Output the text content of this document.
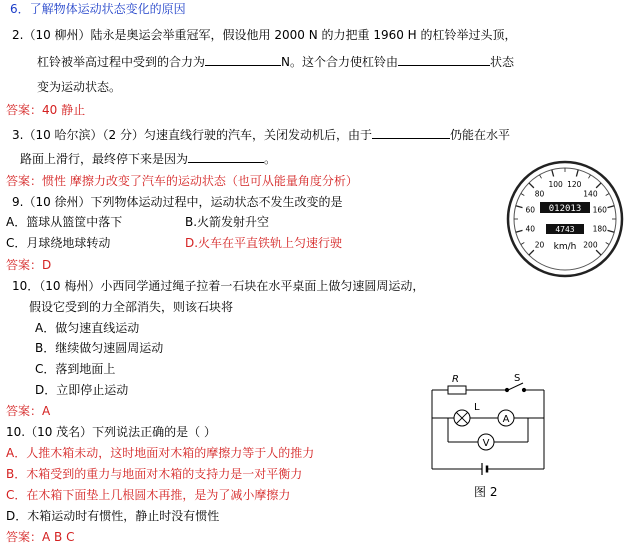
6．了解物体运动状态变化的原因
2.（10 柳州）陆永是奥运会举重冠军，假设他用 2000 N 的力把重 1960 H 的杠铃举过头顶，
杠铃被举高过程中受到的合力为	N。这个合力使杠铃由	状态
变为运动状态。
答案：40 静止
3.（10 哈尔滨）（2 分）匀速直线行驶的汽车，关闭发动机后，由于	仍能在水平
路面上滑行，最终停下来是因为	。
答案：惯性 摩擦力改变了汽车的运动状态（也可从能量角度分析）
9.（10 徐州）下列物体运动过程中，运动状态不发生改变的是
A．篮球从篮筐中落下	B.火箭发射升空
C．月球绕地球转动	D.火车在平直铁轨上匀速行驶
答案：D
20
40
60
80
100 120
140
160
180
200
012013
4743
km/h
10．（10 梅州）小西同学通过绳子拉着一石块在水平桌面上做匀速圆周运动，
假设它受到的力全部消失，则该石块将
A．做匀速直线运动
B．继续做匀速圆周运动
C．落到地面上
D．立即停止运动
答案：A
R	S
L
A
V
图 2
10.（10 茂名）下列说法正确的是（ ）
A．人推木箱未动，这时地面对木箱的摩擦力等于人的推力
B．木箱受到的重力与地面对木箱的支持力是一对平衡力
C．在木箱下面垫上几根圆木再推，是为了减小摩擦力
D．木箱运动时有惯性，静止时没有惯性
答案：A B C
